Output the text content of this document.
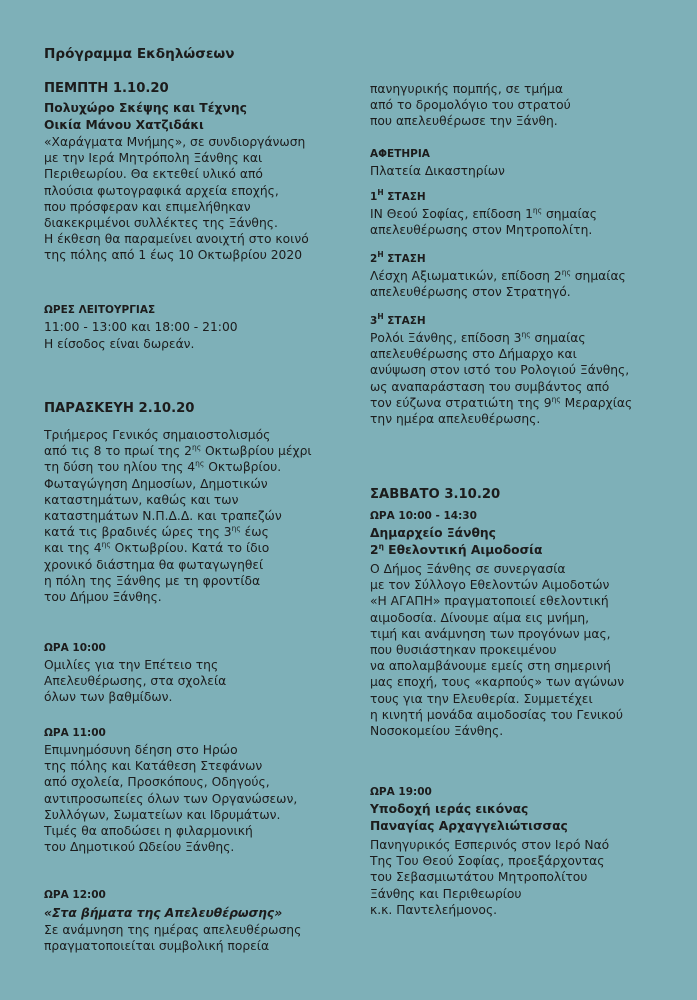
Πρόγραμμα Εκδηλώσεων
ΠΕΜΠΤΗ 1.10.20

Πολυχώρο Σκέψης και Τέχνης

Οικία Μάνου Χατζιδάκι

«Χαράγματα Μνήμης», σε συνδιοργάνωση

με την Ιερά Μητρόπολη Ξάνθης και

Περιθεωρίου. Θα εκτεθεί υλικό από

πλούσια φωτογραφικά αρχεία εποχής,

που πρόσφεραν και επιμελήθηκαν

διακεκριμένοι συλλέκτες της Ξάνθης.

Η έκθεση θα παραμείνει ανοιχτή στο κοινό

της πόλης από 1 έως 10 Οκτωβρίου 2020

ΩΡΕΣ ΛΕΙΤΟΥΡΓΙΑΣ

11:00 - 13:00 και 18:00 - 21:00

Η είσοδος είναι δωρεάν.

ΠΑΡΑΣΚΕΥΗ 2.10.20

Τριήμερος Γενικός σημαιοστολισμός

από τις 8 το πρωί της $2^{\eta\varsigma}$ Οκτωβρίου μέχρι

τη δύση του ηλίου της $4^{\eta\varsigma}$ Οκτωβρίου.

Φωταγώγηση Δημοσίων, Δημοτικών

καταστημάτων, καθώς και των

καταστημάτων Ν.Π.Δ.Δ. και τραπεζών

κατά τις βραδινές ώρες της $3^{\eta\varsigma}$ έως

και της $4^{\eta\varsigma}$ Οκτωβρίου. Κατά το ίδιο

χρονικό διάστημα θα φωταγωγηθεί

η πόλη της Ξάνθης με τη φροντίδα

του Δήμου Ξάνθης.

ΩΡΑ 10:00

Ομιλίες για την Επέτειο της

Απελευθέρωσης, στα σχολεία

όλων των βαθμίδων.

ΩΡΑ 11:00

Επιμνημόσυνη δέηση στο Ηρώο

της πόλης και Κατάθεση Στεφάνων

από σχολεία, Προσκόπους, Οδηγούς,

αντιπροσωπείες όλων των Οργανώσεων,

Συλλόγων, Σωματείων και Ιδρυμάτων.

Τιμές θα αποδώσει η φιλαρμονική

του Δημοτικού Ωδείου Ξάνθης.

ΩΡΑ 12:00

«Στα βήματα της Απελευθέρωσης»

Σε ανάμνηση της ημέρας απελευθέρωσης

πραγματοποιείται συμβολική πορεία

πανηγυρικής πομπής, σε τμήμα

από το δρομολόγιο του στρατού

που απελευθέρωσε την Ξάνθη.

ΑΦΕΤΗΡΙΑ

Πλατεία Δικαστηρίων

$1^H$ ΣΤΑΣΗ

ΙΝ Θεού Σοφίας, επίδοση $1^{\eta\varsigma}$ σημαίας

απελευθέρωσης στον Μητροπολίτη.

$2^H$ ΣΤΑΣΗ

Λέσχη Αξιωματικών, επίδοση $2^{\eta\varsigma}$ σημαίας

απελευθέρωσης στον Στρατηγό.

$3^H$ ΣΤΑΣΗ

Ρολόι Ξάνθης, επίδοση $3^{\eta\varsigma}$ σημαίας

απελευθέρωσης στο Δήμαρχο και

ανύψωση στον ιστό του Ρολογιού Ξάνθης,

ως αναπαράσταση του συμβάντος από

τον εύζωνα στρατιώτη της $9^{\eta\varsigma}$ Μεραρχίας

την ημέρα απελευθέρωσης.

ΣΑΒΒΑΤΟ 3.10.20

ΩΡΑ 10:00 - 14:30

Δημαρχείο Ξάνθης

$2^\eta$ Εθελοντική Αιμοδοσία

Ο Δήμος Ξάνθης σε συνεργασία

με τον Σύλλογο Εθελοντών Αιμοδοτών

«Η ΑΓΑΠΗ» πραγματοποιεί εθελοντική

αιμοδοσία. Δίνουμε αίμα εις μνήμη,

τιμή και ανάμνηση των προγόνων μας,

που θυσιάστηκαν προκειμένου

να απολαμβάνουμε εμείς στη σημερινή

μας εποχή, τους «καρπούς» των αγώνων

τους για την Ελευθερία. Συμμετέχει

η κινητή μονάδα αιμοδοσίας του Γενικού

Νοσοκομείου Ξάνθης.

ΩΡΑ 19:00

Υποδοχή ιεράς εικόνας

Παναγίας Αρχαγγελιώτισσας

Πανηγυρικός Εσπερινός στον Ιερό Ναό

Της Του Θεού Σοφίας, προεξάρχοντας

του Σεβασμιωτάτου Μητροπολίτου

Ξάνθης και Περιθεωρίου

κ.κ. Παντελεήμονος.
